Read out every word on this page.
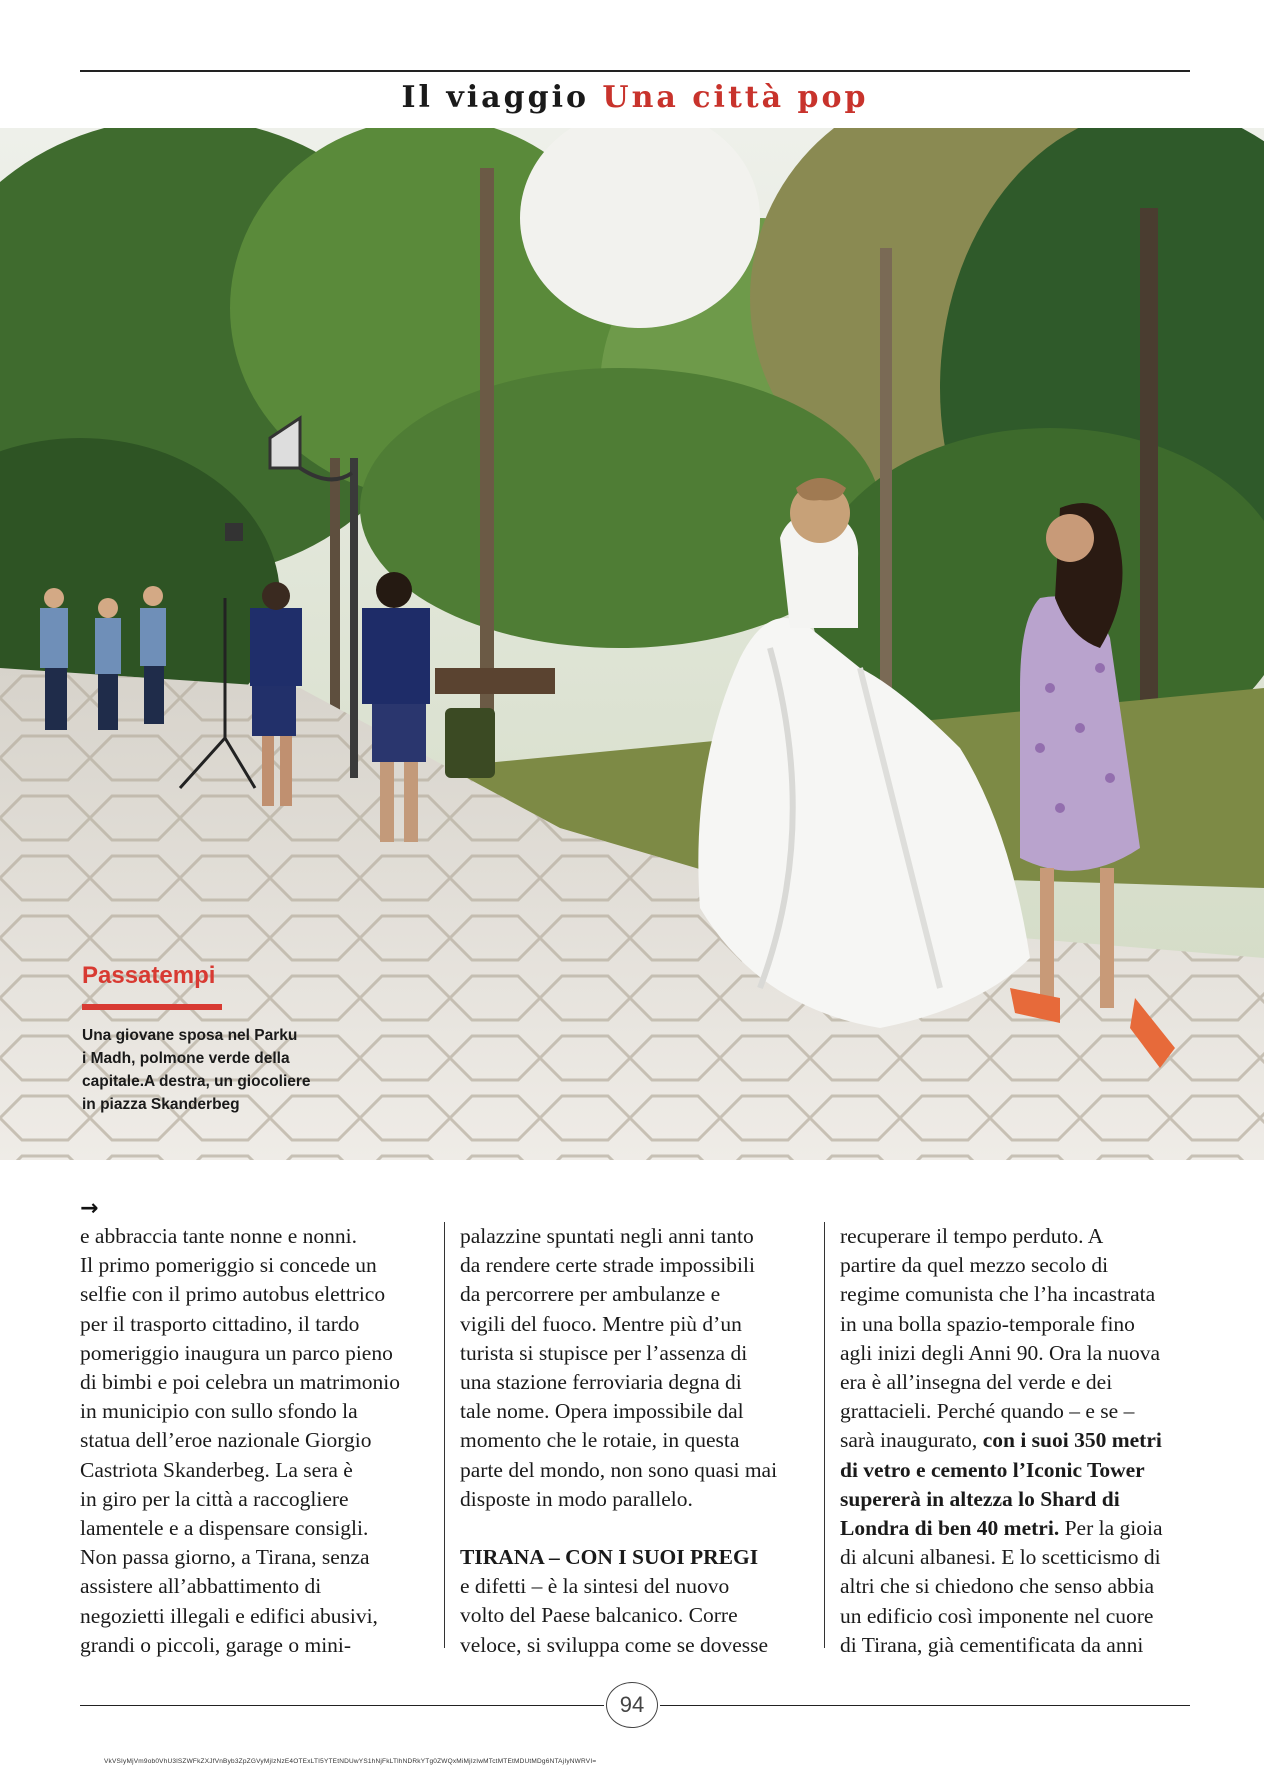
Il viaggio Una città pop
Passatempi
Una giovane sposa nel Parku
i Madh, polmone verde della
capitale.A destra, un giocoliere
in piazza Skanderbeg
→
e abbraccia tante nonne e nonni.
Il primo pomeriggio si concede un
selfie con il primo autobus elettrico
per il trasporto cittadino, il tardo
pomeriggio inaugura un parco pieno
di bimbi e poi celebra un matrimonio
in municipio con sullo sfondo la
statua dell’eroe nazionale Giorgio
Castriota Skanderbeg. La sera è
in giro per la città a raccogliere
lamentele e a dispensare consigli.
Non passa giorno, a Tirana, senza
assistere all’abbattimento di
negozietti illegali e edifici abusivi,
grandi o piccoli, garage o mini-
palazzine spuntati negli anni tanto
da rendere certe strade impossibili
da percorrere per ambulanze e
vigili del fuoco. Mentre più d’un
turista si stupisce per l’assenza di
una stazione ferroviaria degna di
tale nome. Opera impossibile dal
momento che le rotaie, in questa
parte del mondo, non sono quasi mai
disposte in modo parallelo.
TIRANA – CON I SUOI PREGI
e difetti – è la sintesi del nuovo
volto del Paese balcanico. Corre
veloce, si sviluppa come se dovesse
recuperare il tempo perduto. A
partire da quel mezzo secolo di
regime comunista che l’ha incastrata
in una bolla spazio-temporale fino
agli inizi degli Anni 90. Ora la nuova
era è all’insegna del verde e dei
grattacieli. Perché quando – e se –
sarà inaugurato, con i suoi 350 metri
di vetro e cemento l’Iconic Tower
supererà in altezza lo Shard di
Londra di ben 40 metri. Per la gioia
di alcuni albanesi. E lo scetticismo di
altri che si chiedono che senso abbia
un edificio così imponente nel cuore
di Tirana, già cementificata da anni
94
VkVSIyMjVm9ob0VhU3lSZWFkZXJfVnByb3ZpZGVyMjIzNzE4OTExLTI5YTEtNDUwYS1hNjFkLTlhNDRkYTg0ZWQxMiMjIzIwMTctMTEtMDUtMDg6NTAjIyNWRVI=
